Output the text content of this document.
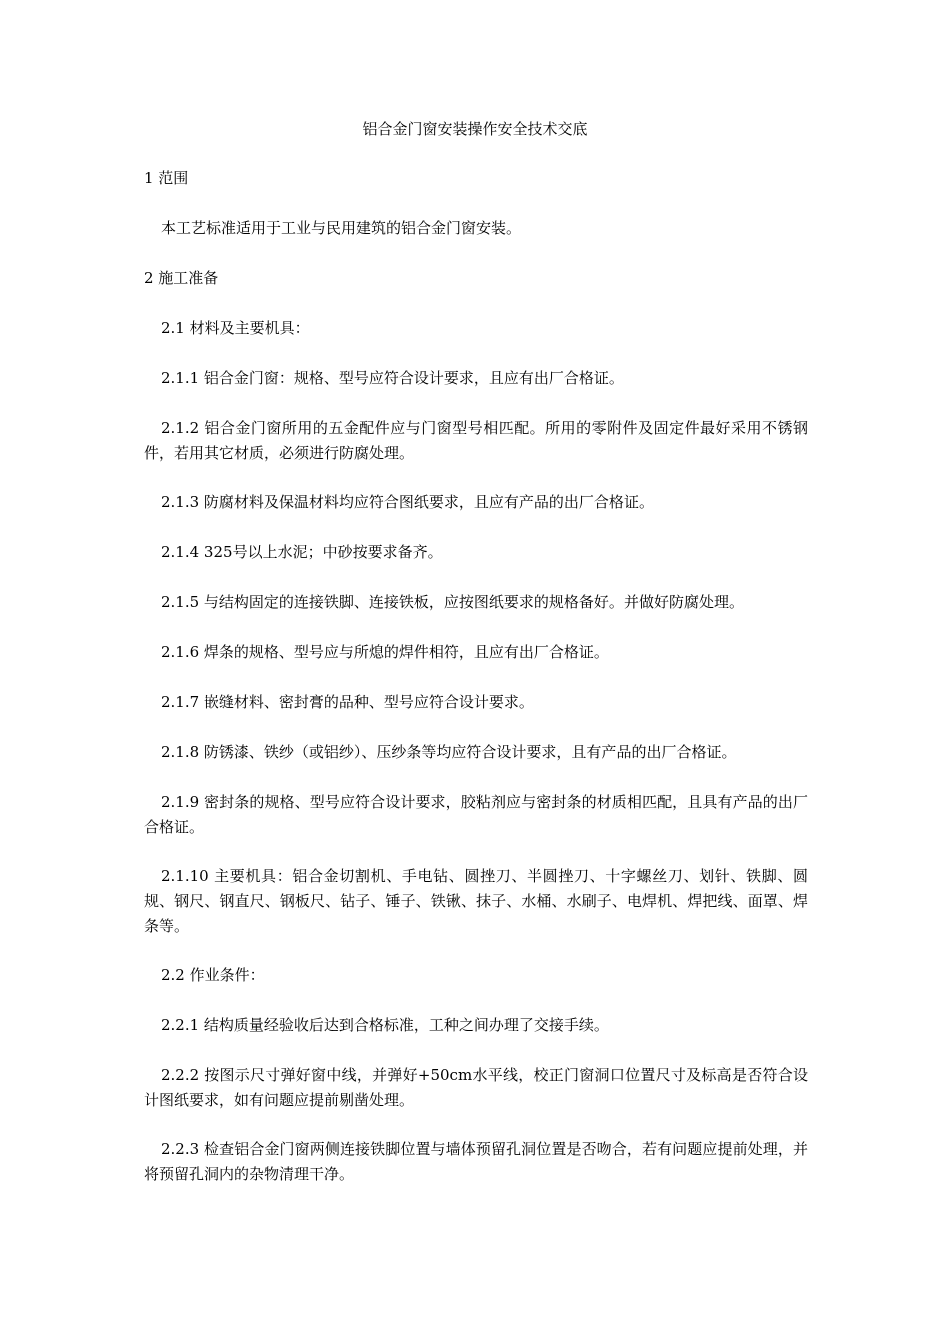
铝合金门窗安装操作安全技术交底
1 范围
本工艺标准适用于工业与民用建筑的铝合金门窗安装。
2 施工准备
2.1 材料及主要机具：
2.1.1 铝合金门窗：规格、型号应符合设计要求，且应有出厂合格证。
2.1.2 铝合金门窗所用的五金配件应与门窗型号相匹配。所用的零附件及固定件最好采用不锈钢件，若用其它材质，必须进行防腐处理。
2.1.3 防腐材料及保温材料均应符合图纸要求，且应有产品的出厂合格证。
2.1.4 325号以上水泥；中砂按要求备齐。
2.1.5 与结构固定的连接铁脚、连接铁板，应按图纸要求的规格备好。并做好防腐处理。
2.1.6 焊条的规格、型号应与所熄的焊件相符，且应有出厂合格证。
2.1.7 嵌缝材料、密封膏的品种、型号应符合设计要求。
2.1.8 防锈漆、铁纱（或铝纱）、压纱条等均应符合设计要求，且有产品的出厂合格证。
2.1.9 密封条的规格、型号应符合设计要求，胶粘剂应与密封条的材质相匹配，且具有产品的出厂合格证。
2.1.10 主要机具：铝合金切割机、手电钻、圆挫刀、半圆挫刀、十字螺丝刀、划针、铁脚、圆规、钢尺、钢直尺、钢板尺、钻子、锤子、铁锹、抹子、水桶、水刷子、电焊机、焊把线、面罩、焊条等。
2.2 作业条件：
2.2.1 结构质量经验收后达到合格标准，工种之间办理了交接手续。
2.2.2 按图示尺寸弹好窗中线，并弹好+50cm水平线，校正门窗洞口位置尺寸及标高是否符合设计图纸要求，如有问题应提前剔凿处理。
2.2.3 检查铝合金门窗两侧连接铁脚位置与墙体预留孔洞位置是否吻合，若有问题应提前处理，并将预留孔洞内的杂物清理干净。
